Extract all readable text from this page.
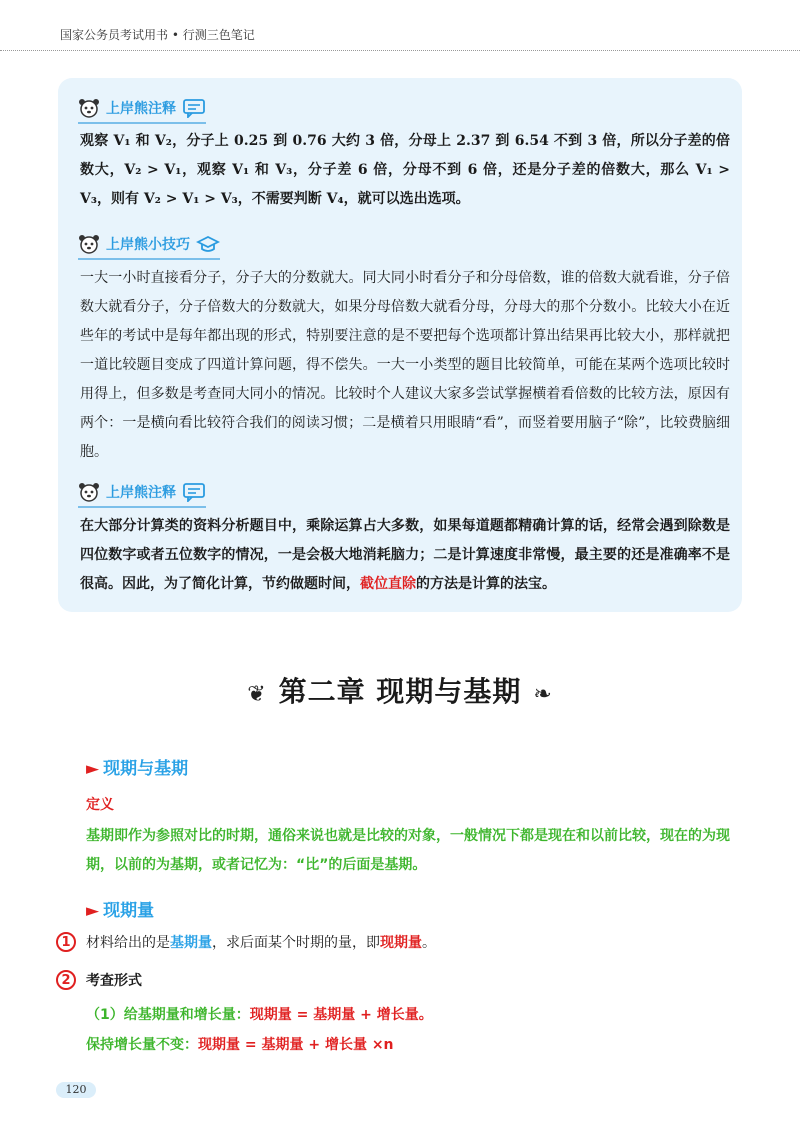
国家公务员考试用书 • 行测三色笔记
上岸熊注释
观察 V₁ 和 V₂，分子上 0.25 到 0.76 大约 3 倍，分母上 2.37 到 6.54 不到 3 倍，所以分子差的倍数大，V₂ > V₁，观察 V₁ 和 V₃，分子差 6 倍，分母不到 6 倍，还是分子差的倍数大，那么 V₁ > V₃，则有 V₂ > V₁ > V₃，不需要判断 V₄，就可以选出选项。
上岸熊小技巧
一大一小时直接看分子，分子大的分数就大。同大同小时看分子和分母倍数，谁的倍数大就看谁，分子倍数大就看分子，分子倍数大的分数就大，如果分母倍数大就看分母，分母大的那个分数小。比较大小在近些年的考试中是每年都出现的形式，特别要注意的是不要把每个选项都计算出结果再比较大小，那样就把一道比较题目变成了四道计算问题，得不偿失。一大一小类型的题目比较简单，可能在某两个选项比较时用得上，但多数是考查同大同小的情况。比较时个人建议大家多尝试掌握横着看倍数的比较方法，原因有两个：一是横向看比较符合我们的阅读习惯；二是横着只用眼睛“看”，而竖着要用脑子“除”，比较费脑细胞。
上岸熊注释
在大部分计算类的资料分析题目中，乘除运算占大多数，如果每道题都精确计算的话，经常会遇到除数是四位数字或者五位数字的情况，一是会极大地消耗脑力；二是计算速度非常慢，最主要的还是准确率不是很高。因此，为了简化计算，节约做题时间，截位直除的方法是计算的法宝。
❦ 第二章 现期与基期 ❧
► 现期与基期
定义
基期即作为参照对比的时期，通俗来说也就是比较的对象，一般情况下都是现在和以前比较，现在的为现期，以前的为基期，或者记忆为：“比”的后面是基期。
► 现期量
1	材料给出的是 基期量 ，求后面某个时期的量，即 现期量 。
2	考查形式
（1）给基期量和增长量：现期量 = 基期量 + 增长量。
保持增长量不变：现期量 = 基期量 + 增长量 ×n
120
